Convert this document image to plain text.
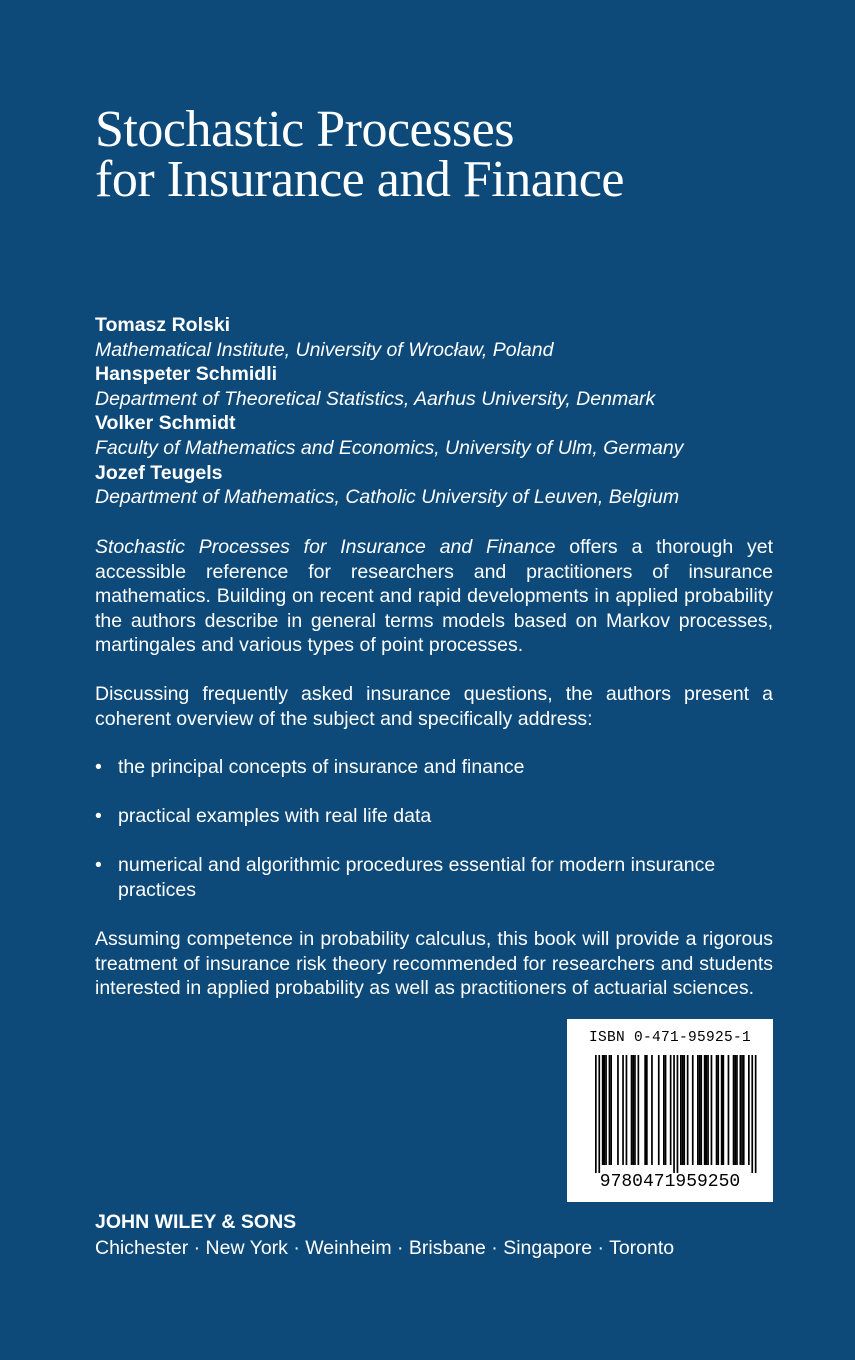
Stochastic Processes
for Insurance and Finance
Tomasz Rolski
Mathematical Institute, University of Wrocław, Poland
Hanspeter Schmidli
Department of Theoretical Statistics, Aarhus University, Denmark
Volker Schmidt
Faculty of Mathematics and Economics, University of Ulm, Germany
Jozef Teugels
Department of Mathematics, Catholic University of Leuven, Belgium

Stochastic Processes for Insurance and Finance offers a thorough yet accessible reference for researchers and practitioners of insurance mathematics. Building on recent and rapid developments in applied probability the authors describe in general terms models based on Markov processes, martingales and various types of point processes.

Discussing frequently asked insurance questions, the authors present a coherent overview of the subject and specifically address:

• the principal concepts of insurance and finance
• practical examples with real life data
• numerical and algorithmic procedures essential for modern insurance practices

Assuming competence in probability calculus, this book will provide a rigorous treatment of insurance risk theory recommended for researchers and students interested in applied probability as well as practitioners of actuarial sciences.

ISBN 0-471-95925-1
9780471959250
JOHN WILEY & SONS
Chichester · New York · Weinheim · Brisbane · Singapore · Toronto
